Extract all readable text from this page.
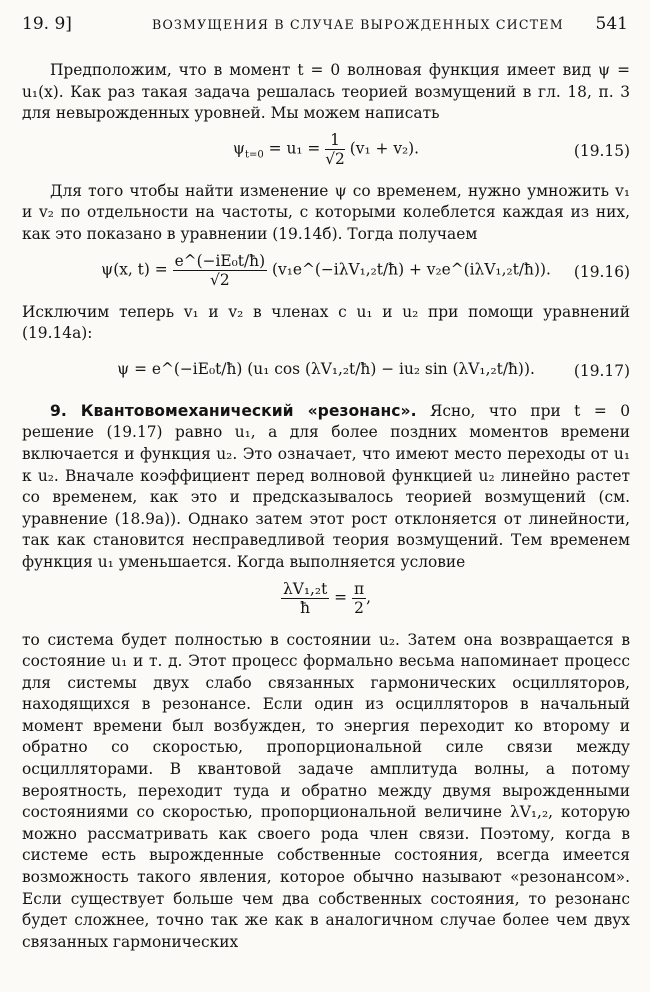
19. 9]	ВОЗМУЩЕНИЯ В СЛУЧАЕ ВЫРОЖДЕННЫХ СИСТЕМ 541

Предположим, что в момент t = 0 волновая функция имеет вид ψ = u₁(x). Как раз такая задача решалась теорией возмущений в гл. 18, п. 3 для невырожденных уровней. Мы можем написать

$\psi_{t=0} = u_1 = \frac{1}{√2} (v_1 + v_2)$.	(19.15)

Для того чтобы найти изменение ψ со временем, нужно умножить v₁ и v₂ по отдельности на частоты, с которыми колеблется каждая из них, как это показано в уравнении (19.14б). Тогда получаем

ψ(x, $t) = \frac{\text{e\textasciicircum{}(−iE₀t/ħ)}}{√2}$ (v₁e^(−iλV₁,₂t/ħ) + v₂e^(iλV₁,₂t/ħ)).	(19.16)

Исключим теперь v₁ и v₂ в членах с u₁ и u₂ при помощи уравнений (19.14а):

ψ = e^(−iE₀t/ħ) (u₁ cos (λV₁,₂t/ħ) − iu₂ sin (λV₁,₂t/ħ)).	(19.17)

9. Квантовомеханический «резонанс». Ясно, что при t = 0 решение (19.17) равно u₁, а для более поздних моментов времени включается и функция u₂. Это означает, что имеют место переходы от u₁ к u₂. Вначале коэффициент перед волновой функцией u₂ линейно растет со временем, как это и предсказывалось теорией возмущений (см. уравнение (18.9а)). Однако затем этот рост отклоняется от линейности, так как становится несправедливой теория возмущений. Тем временем функция u₁ уменьшается. Когда выполняется условие

$\frac{\text{λV₁,₂t}}{ħ} = \frac{\pi}{2}$ ,

то система будет полностью в состоянии u₂. Затем она возвращается в состояние u₁ и т. д. Этот процесс формально весьма напоминает процесс для системы двух слабо связанных гармонических осцилляторов, находящихся в резонансе. Если один из осцилляторов в начальный момент времени был возбужден, то энергия переходит ко второму и обратно со скоростью, пропорциональной силе связи между осцилляторами. В квантовой задаче амплитуда волны, а потому вероятность, переходит туда и обратно между двумя вырожденными состояниями со скоростью, пропорциональной величине λV₁,₂, которую можно рассматривать как своего рода член связи. Поэтому, когда в системе есть вырожденные собственные состояния, всегда имеется возможность такого явления, которое обычно называют «резонансом». Если существует больше чем два собственных состояния, то резонанс будет сложнее, точно так же как в аналогичном случае более чем двух связанных гармонических
